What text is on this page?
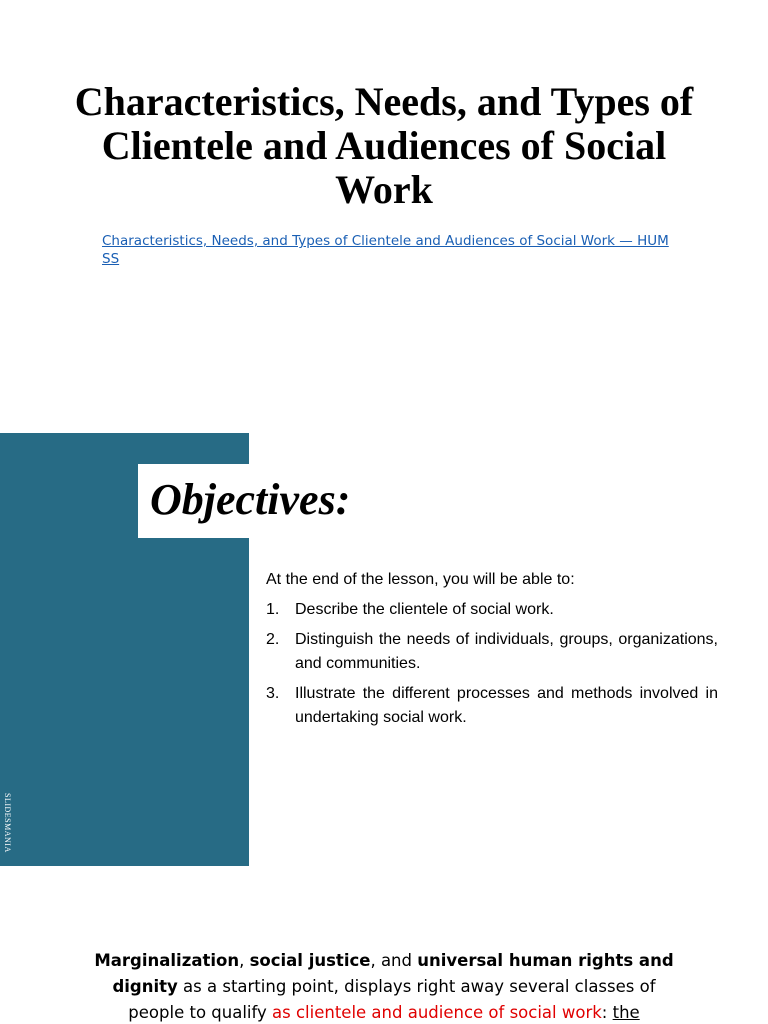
Characteristics, Needs, and Types of Clientele and Audiences of Social Work
Characteristics, Needs, and Types of Clientele and Audiences of Social Work — HUMSS
SLIDESMANIA
Objectives:

At the end of the lesson, you will be able to:

1. Describe the clientele of social work.
2. Distinguish the needs of individuals, groups, organizations, and communities.
3. Illustrate the different processes and methods involved in undertaking social work.

Marginalization, social justice, and universal human rights and dignity as a starting point, displays right away several classes of people to qualify as clientele and audience of social work: the
